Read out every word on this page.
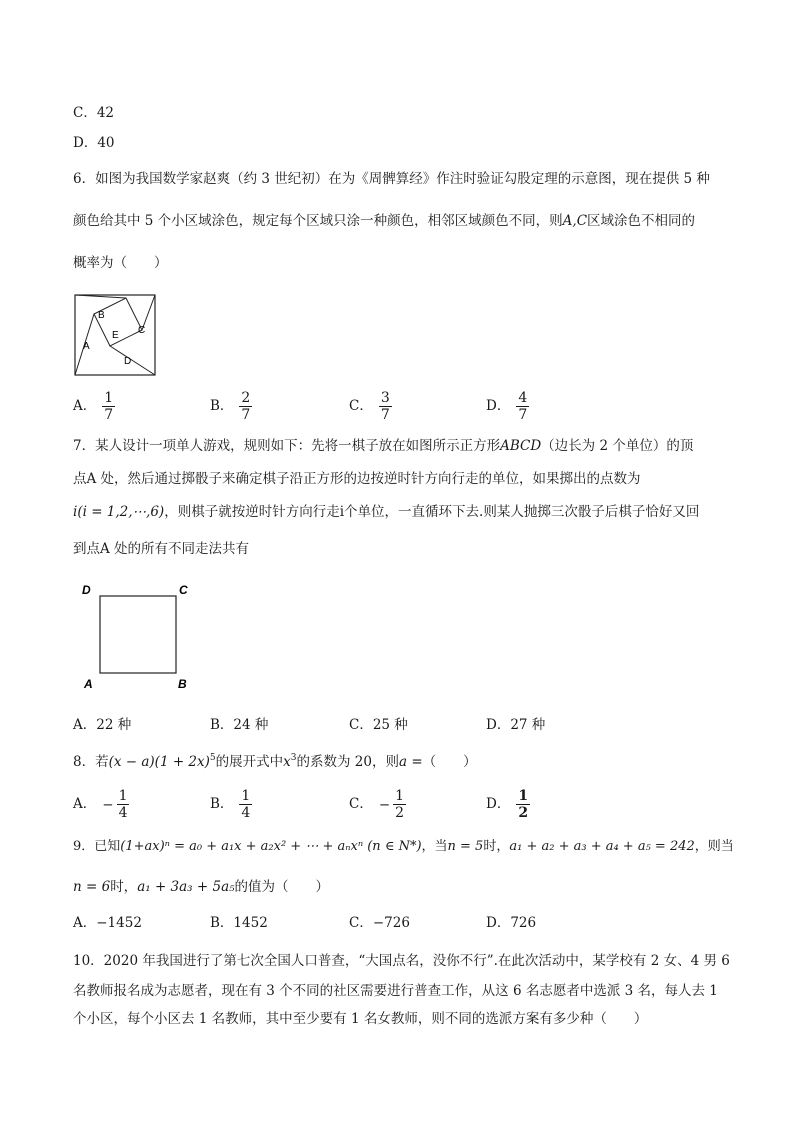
C．42
D．40
6．如图为我国数学家赵爽（约 3 世纪初）在为《周髀算经》作注时验证勾股定理的示意图，现在提供 5 种
颜色给其中 5 个小区域涂色，规定每个区域只涂一种颜色，相邻区域颜色不同，则A,C区域涂色不相同的
概率为（　　）
B
E C
A
D
A． $\frac{1}{7}$	B． $\frac{2}{7}$	C． $\frac{3}{7}$	D． $\frac{4}{7}$
7．某人设计一项单人游戏，规则如下：先将一棋子放在如图所示正方形ABCD（边长为 2 个单位）的顶
点A 处，然后通过掷骰子来确定棋子沿正方形的边按逆时针方向行走的单位，如果掷出的点数为
i(i = 1,2,⋯,6)，则棋子就按逆时针方向行走i个单位，一直循环下去.则某人抛掷三次骰子后棋子恰好又回
到点A 处的所有不同走法共有
D	C
A	B
A．22 种	B．24 种	C．25 种	D．27 种
8．若$(x - a)(1 + 2x)^5$的展开式中$x^3$的系数为 20，则a =（　　）
A． − $\frac{1}{4}$	B． $\frac{1}{4}$	C． − $\frac{1}{2}$	D． $\frac{1}{2}$
9．已知(1+ax)ⁿ = a₀ + a₁x + a₂x² + ⋯ + aₙxⁿ (n ∈ N*)，当n = 5时，a₁ + a₂ + a₃ + a₄ + a₅ = 242，则当
n = 6时，a₁ + 3a₃ + 5a₅的值为（　　）
A．−1452	B．1452	C．−726	D．726
10．2020 年我国进行了第七次全国人口普查，“大国点名，没你不行”.在此次活动中，某学校有 2 女、4 男 6
名教师报名成为志愿者，现在有 3 个不同的社区需要进行普查工作，从这 6 名志愿者中选派 3 名，每人去 1
个小区，每个小区去 1 名教师，其中至少要有 1 名女教师，则不同的选派方案有多少种（　　）
